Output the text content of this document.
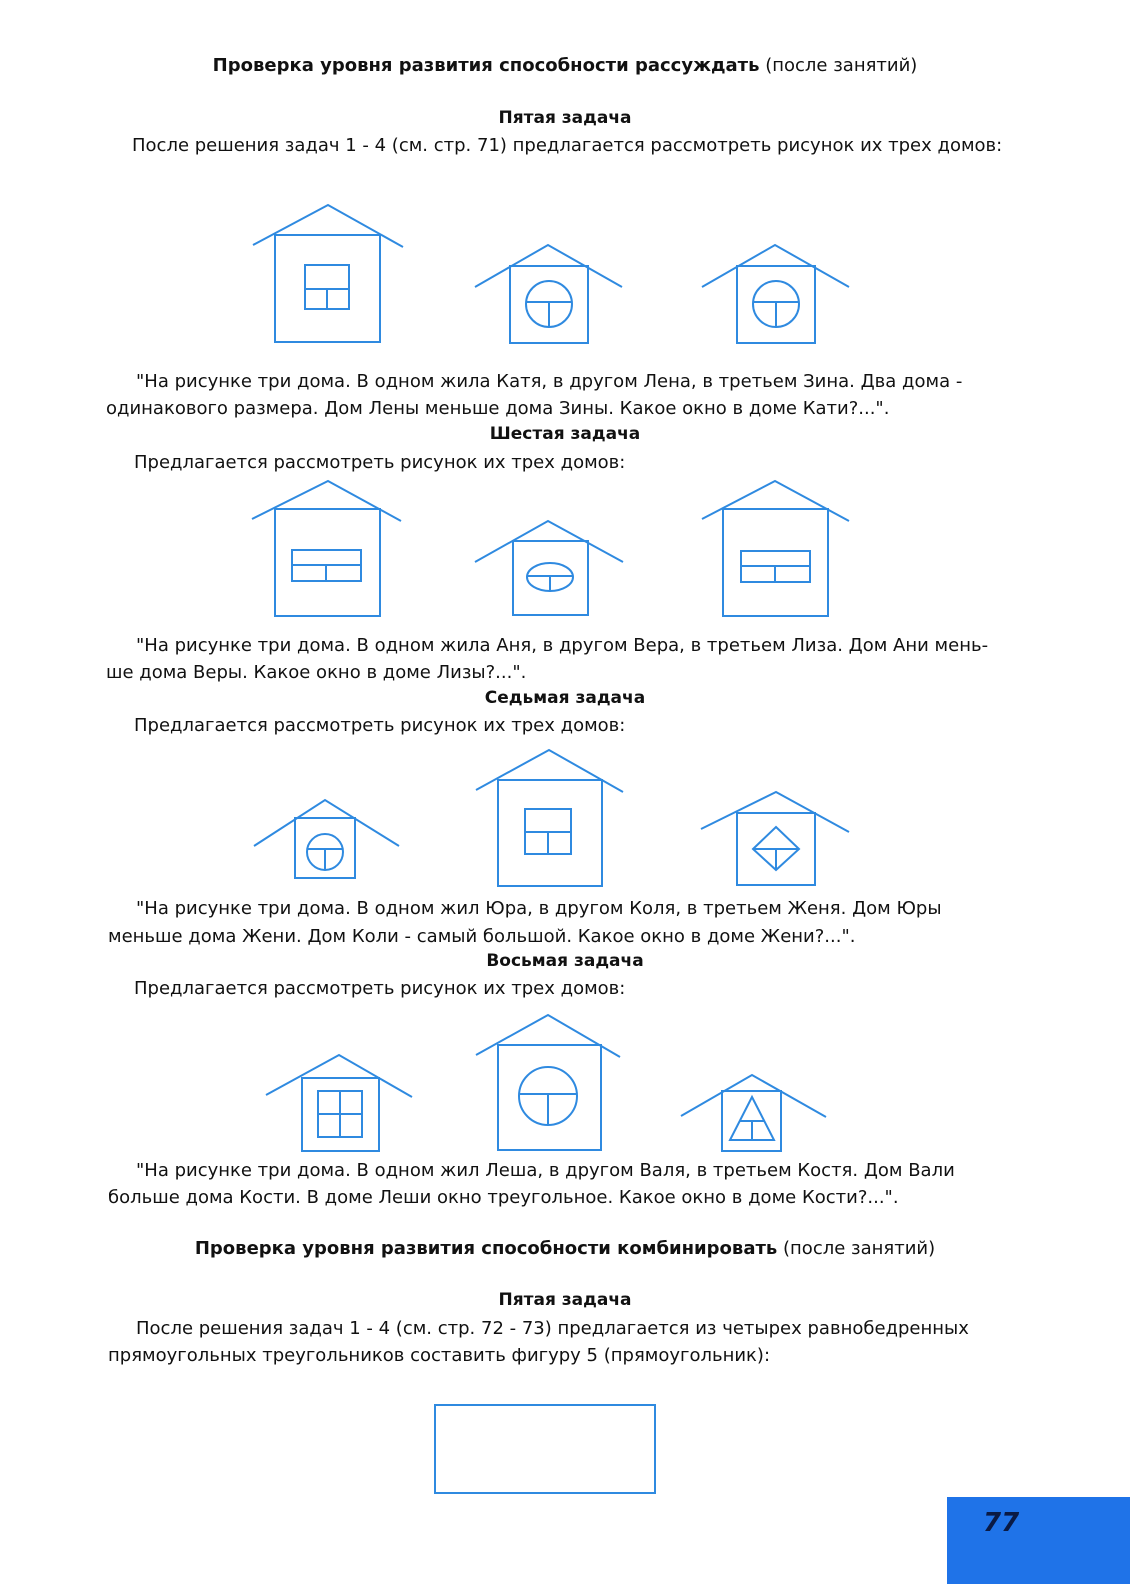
Проверка уровня развития способности рассуждать (после занятий)
Пятая задача
После решения задач 1 - 4 (см. стр. 71) предлагается рассмотреть рисунок их трех домов:
"На рисунке три дома. В одном жила Катя, в другом Лена, в третьем Зина. Два дома -
одинакового размера. Дом Лены меньше дома Зины. Какое окно в доме Кати?...".
Шестая задача
Предлагается рассмотреть рисунок их трех домов:
"На рисунке три дома. В одном жила Аня, в другом Вера, в третьем Лиза. Дом Ани мень-
ше дома Веры. Какое окно в доме Лизы?...".
Седьмая задача
Предлагается рассмотреть рисунок их трех домов:
"На рисунке три дома. В одном жил Юра, в другом Коля, в третьем Женя. Дом Юры
меньше дома Жени. Дом Коли - самый большой. Какое окно в доме Жени?...".
Восьмая задача
Предлагается рассмотреть рисунок их трех домов:
"На рисунке три дома. В одном жил Леша, в другом Валя, в третьем Костя. Дом Вали
больше дома Кости. В доме Леши окно треугольное. Какое окно в доме Кости?...".
Проверка уровня развития способности комбинировать (после занятий)
Пятая задача
После решения задач 1 - 4 (см. стр. 72 - 73) предлагается из четырех равнобедренных
прямоугольных треугольников составить фигуру 5 (прямоугольник):
77
